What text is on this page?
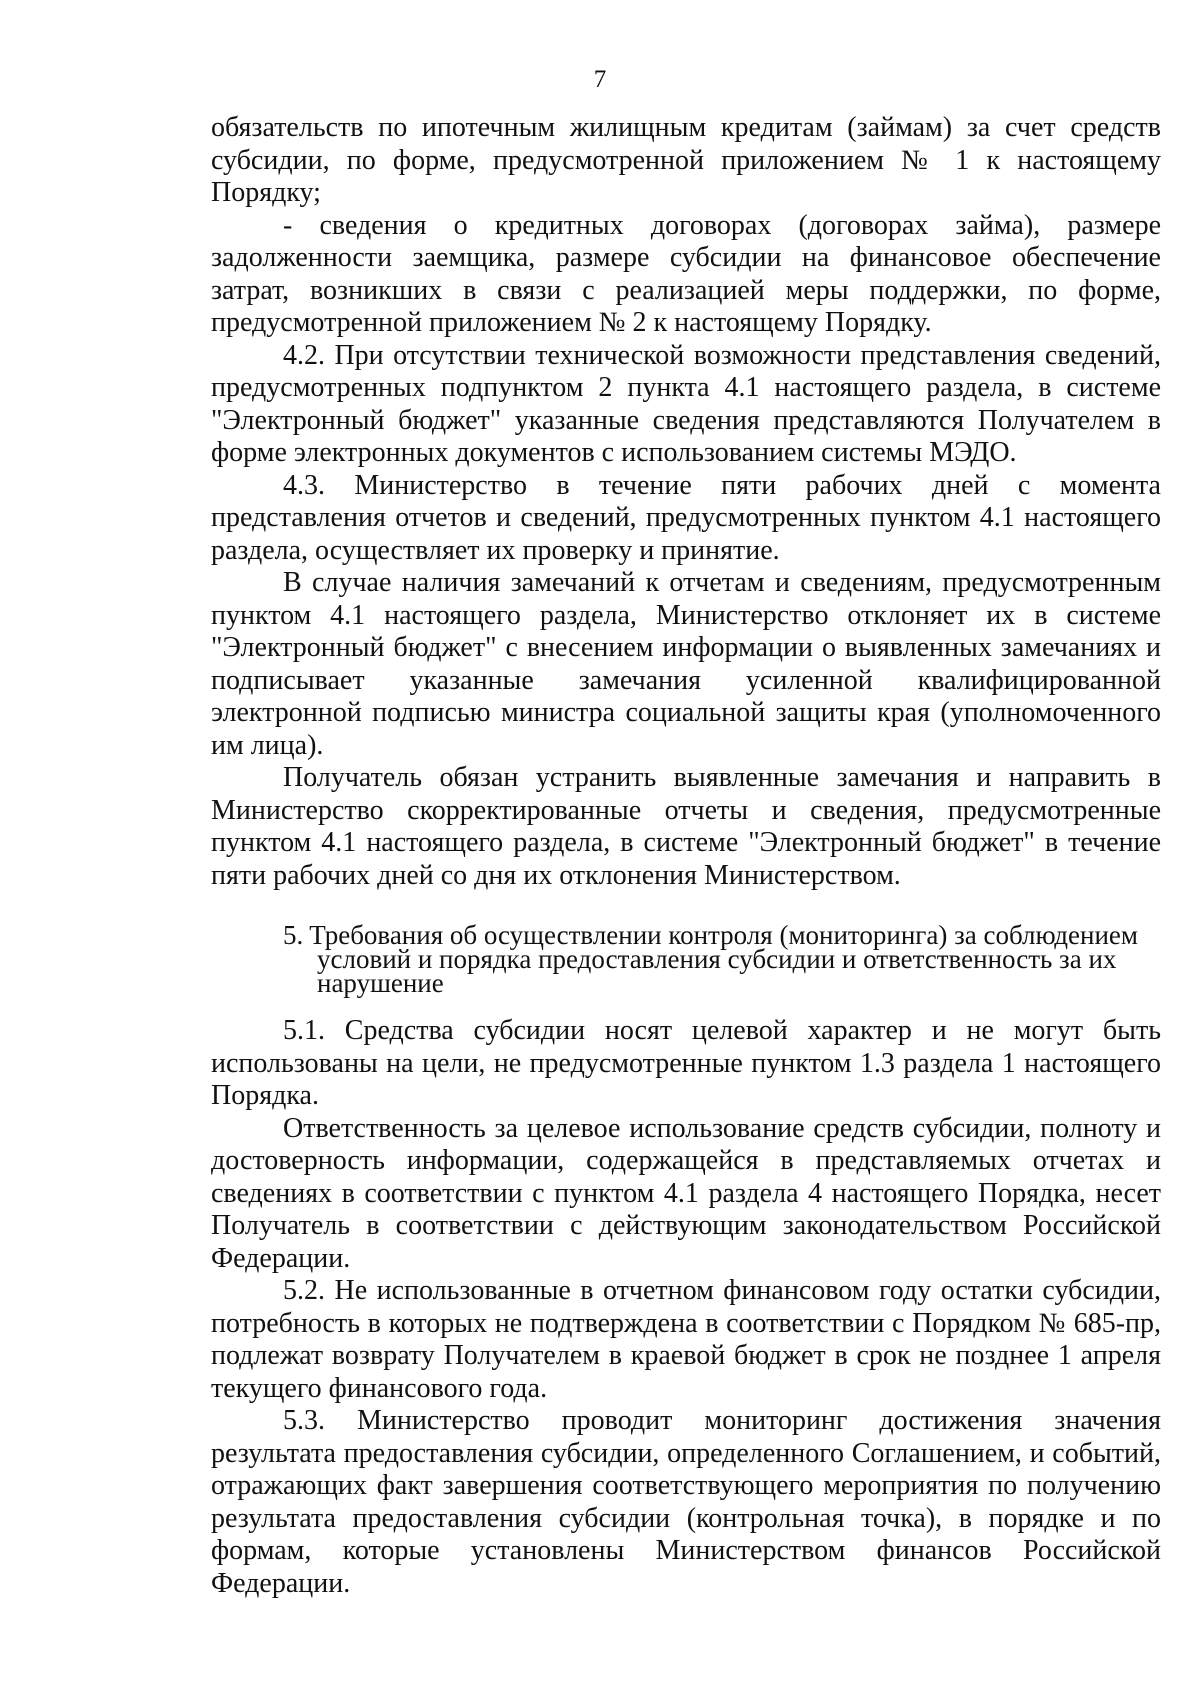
7

обязательств по ипотечным жилищным кредитам (займам) за счет средств субсидии, по форме, предусмотренной приложением № 1 к настоящему Порядку;

- сведения о кредитных договорах (договорах займа), размере задолженности заемщика, размере субсидии на финансовое обеспечение затрат, возникших в связи с реализацией меры поддержки, по форме, предусмотренной приложением № 2 к настоящему Порядку.

4.2. При отсутствии технической возможности представления сведений, предусмотренных подпунктом 2 пункта 4.1 настоящего раздела, в системе "Электронный бюджет" указанные сведения представляются Получателем в форме электронных документов с использованием системы МЭДО.

4.3. Министерство в течение пяти рабочих дней с момента представления отчетов и сведений, предусмотренных пунктом 4.1 настоящего раздела, осуществляет их проверку и принятие.

В случае наличия замечаний к отчетам и сведениям, предусмотренным пунктом 4.1 настоящего раздела, Министерство отклоняет их в системе "Электронный бюджет" с внесением информации о выявленных замечаниях и подписывает указанные замечания усиленной квалифицированной электронной подписью министра социальной защиты края (уполномоченного им лица).

Получатель обязан устранить выявленные замечания и направить в Министерство скорректированные отчеты и сведения, предусмотренные пунктом 4.1 настоящего раздела, в системе "Электронный бюджет" в течение пяти рабочих дней со дня их отклонения Министерством.

5. Требования об осуществлении контроля (мониторинга) за соблюдением
условий и порядка предоставления субсидии и ответственность за их
нарушение

5.1. Средства субсидии носят целевой характер и не могут быть использованы на цели, не предусмотренные пунктом 1.3 раздела 1 настоящего Порядка.

Ответственность за целевое использование средств субсидии, полноту и достоверность информации, содержащейся в представляемых отчетах и сведениях в соответствии с пунктом 4.1 раздела 4 настоящего Порядка, несет Получатель в соответствии с действующим законодательством Российской Федерации.

5.2. Не использованные в отчетном финансовом году остатки субсидии, потребность в которых не подтверждена в соответствии с Порядком № 685-пр, подлежат возврату Получателем в краевой бюджет в срок не позднее 1 апреля текущего финансового года.

5.3. Министерство проводит мониторинг достижения значения результата предоставления субсидии, определенного Соглашением, и событий, отражающих факт завершения соответствующего мероприятия по получению результата предоставления субсидии (контрольная точка), в порядке и по формам, которые установлены Министерством финансов Российской Федерации.
